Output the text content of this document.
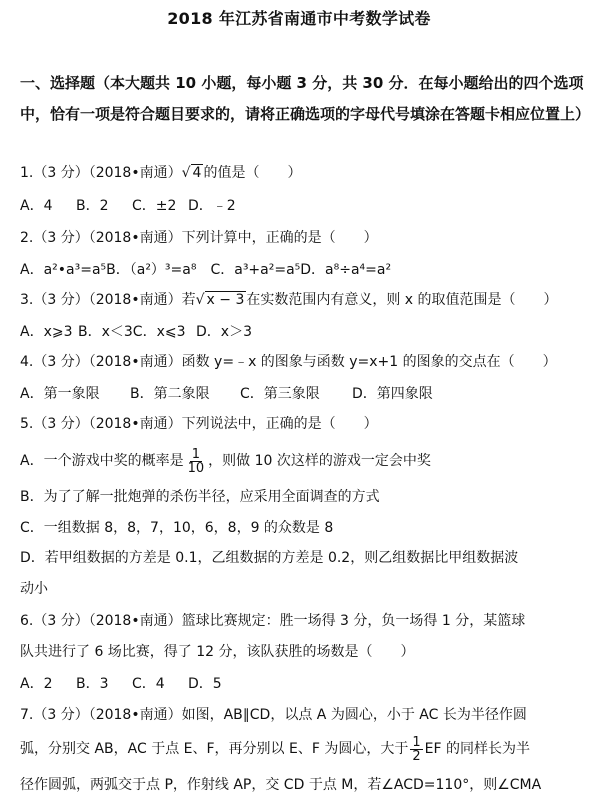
2018 年江苏省南通市中考数学试卷
一、选择题（本大题共 10 小题，每小题 3 分，共 30 分．在每小题给出的四个选项中，恰有一项是符合题目要求的，请将正确选项的字母代号填涂在答题卡相应位置上）
1.（3 分）（2018•南通）√ 4 的值是（　　）
A．4 B．2 C．±2 D．﹣2
2.（3 分）（2018•南通）下列计算中，正确的是（　　）
A．a²•a³=a⁵B．（a²）³=a⁸　C．a³+a²=a⁵D．a⁸÷a⁴=a²
3.（3 分）（2018•南通）若√ x − 3 在实数范围内有意义，则 x 的取值范围是（　　）
A．x⩾3 B．x＜3C．x⩽3 D．x＞3
4.（3 分）（2018•南通）函数 y=﹣x 的图象与函数 y=x+1 的图象的交点在（　　）
A．第一象限 B．第二象限 C．第三象限 D．第四象限
5.（3 分）（2018•南通）下列说法中，正确的是（　　）
A．一个游戏中奖的概率是 $\frac{1}{10}$ ，则做 10 次这样的游戏一定会中奖
B．为了了解一批炮弹的杀伤半径，应采用全面调查的方式
C．一组数据 8，8，7，10，6，8，9 的众数是 8
D．若甲组数据的方差是 0.1，乙组数据的方差是 0.2，则乙组数据比甲组数据波
动小
6.（3 分）（2018•南通）篮球比赛规定：胜一场得 3 分，负一场得 1 分，某篮球
队共进行了 6 场比赛，得了 12 分，该队获胜的场数是（　　）
A．2 B．3 C．4 D．5
7.（3 分）（2018•南通）如图，AB∥CD，以点 A 为圆心，小于 AC 长为半径作圆
弧，分别交 AB，AC 于点 E、F，再分别以 E、F 为圆心，大于 $\frac{1}{2}$ EF 的同样长为半
径作圆弧，两弧交于点 P，作射线 AP，交 CD 于点 M，若∠ACD=110°，则∠CMA
